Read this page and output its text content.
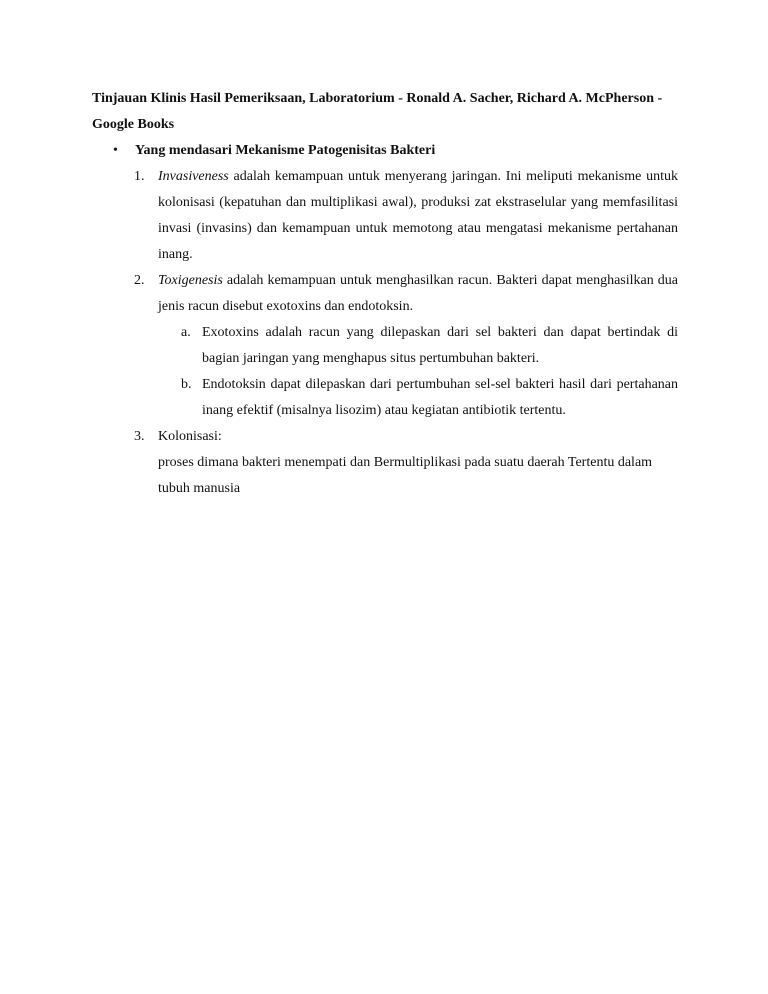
Tinjauan Klinis Hasil Pemeriksaan, Laboratorium - Ronald A. Sacher, Richard A. McPherson - Google Books

• Yang mendasari Mekanisme Patogenisitas Bakteri
1. Invasiveness adalah kemampuan untuk menyerang jaringan. Ini meliputi mekanisme untuk kolonisasi (kepatuhan dan multiplikasi awal), produksi zat ekstraselular yang memfasilitasi invasi (invasins) dan kemampuan untuk memotong atau mengatasi mekanisme pertahanan inang.
2. Toxigenesis adalah kemampuan untuk menghasilkan racun. Bakteri dapat menghasilkan dua jenis racun disebut exotoxins dan endotoksin.
a. Exotoxins adalah racun yang dilepaskan dari sel bakteri dan dapat bertindak di bagian jaringan yang menghapus situs pertumbuhan bakteri.
b. Endotoksin dapat dilepaskan dari pertumbuhan sel-sel bakteri hasil dari pertahanan inang efektif (misalnya lisozim) atau kegiatan antibiotik tertentu.
3. Kolonisasi:
proses dimana bakteri menempati dan Bermultiplikasi pada suatu daerah Tertentu dalam tubuh manusia
